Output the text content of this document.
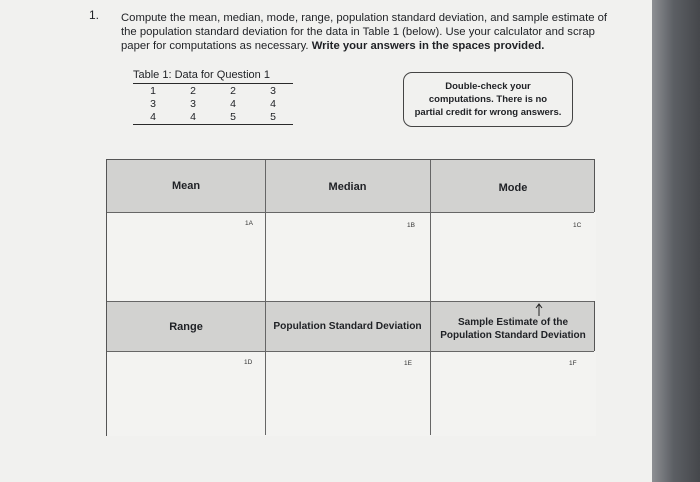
1. Compute the mean, median, mode, range, population standard deviation, and sample estimate of the population standard deviation for the data in Table 1 (below). Use your calculator and scrap paper for computations as necessary. Write your answers in the spaces provided.

Table 1: Data for Question 1
1	2	2	3
3	3	4	4
4	4	5	5
Double-check your
computations. There is no
partial credit for wrong answers.
Mean	Median	Mode
1A	1B	1C
Range	Population Standard Deviation	Sample Estimate of the
Population Standard Deviation
1D	1E	1F
